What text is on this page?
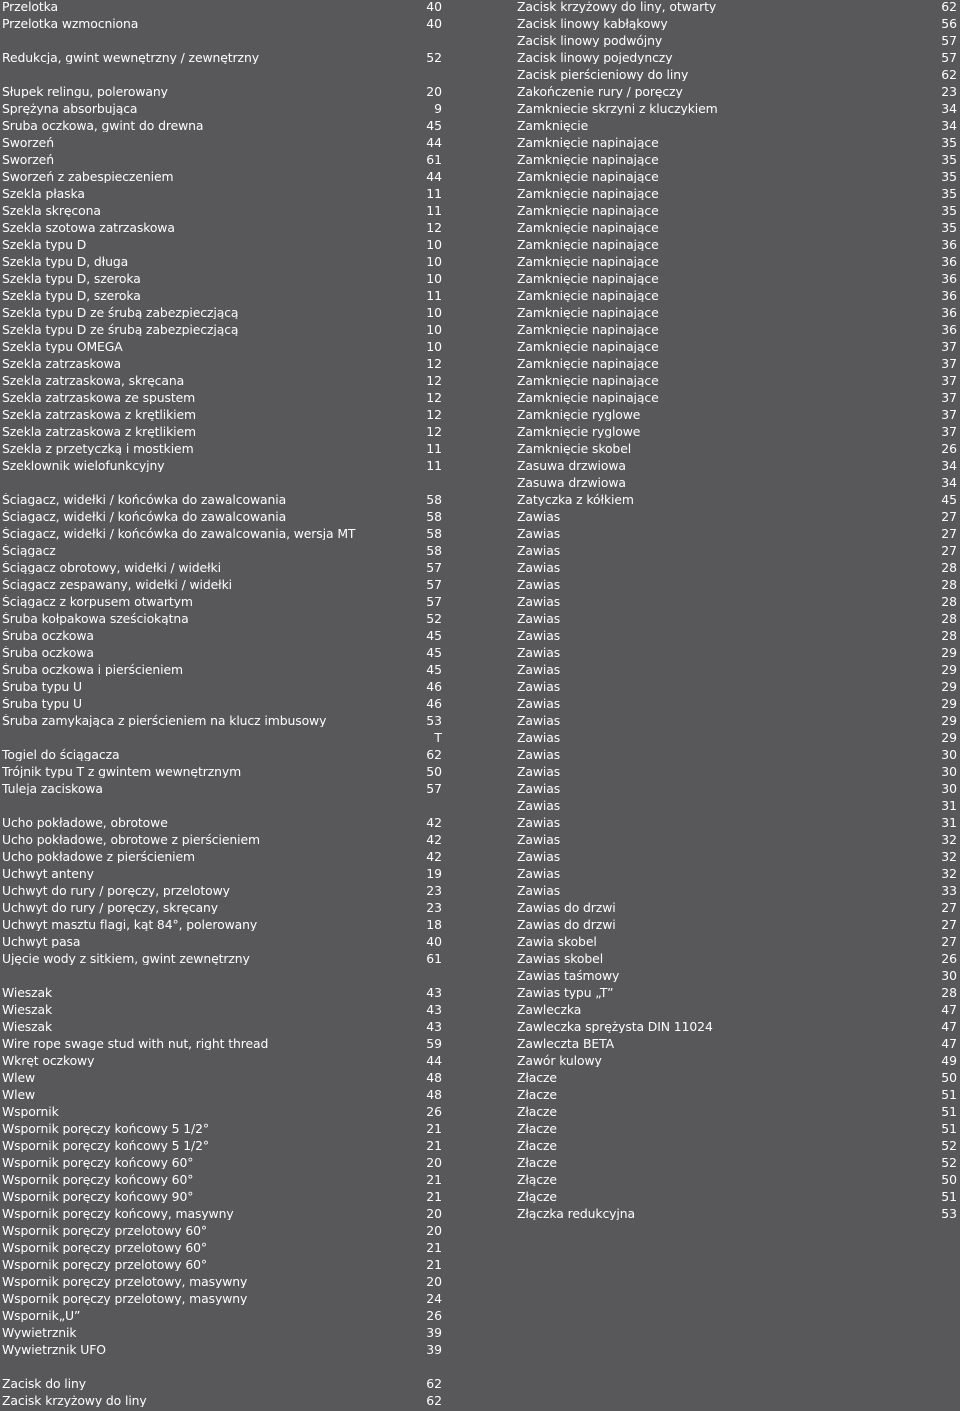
Przelotka	40
Przelotka wzmocniona	40
Redukcja, gwint wewnętrzny / zewnętrzny	52
Słupek relingu, polerowany	20
Sprężyna absorbująca	9
Sruba oczkowa, gwint do drewna	45
Sworzeń	44
Sworzeń	61
Sworzeń z zabespieczeniem	44
Szekla płaska	11
Szekla skręcona	11
Szekla szotowa zatrzaskowa	12
Szekla typu D	10
Szekla typu D, długa	10
Szekla typu D, szeroka	10
Szekla typu D, szeroka	11
Szekla typu D ze śrubą zabezpieczjącą	10
Szekla typu D ze śrubą zabezpieczjącą	10
Szekla typu OMEGA	10
Szekla zatrzaskowa	12
Szekla zatrzaskowa, skręcana	12
Szekla zatrzaskowa ze spustem	12
Szekla zatrzaskowa z krętlikiem	12
Szekla zatrzaskowa z krętlikiem	12
Szekla z przetyczką i mostkiem	11
Szeklownik wielofunkcyjny	11
Ściagacz, widełki / końcówka do zawalcowania	58
Ściagacz, widełki / końcówka do zawalcowania	58
Ściagacz, widełki / końcówka do zawalcowania, wersja MT	58
Ściągacz	58
Ściągacz obrotowy, widełki / widełki	57
Ściągacz zespawany, widełki / widełki	57
Ściągacz z korpusem otwartym	57
Śruba kołpakowa sześciokątna	52
Śruba oczkowa	45
Śruba oczkowa	45
Śruba oczkowa i pierścieniem	45
Śruba typu U	46
Śruba typu U	46
Śruba zamykająca z pierścieniem na klucz imbusowy	53
T
Togiel do ściągacza	62
Trójnik typu T z gwintem wewnętrznym	50
Tuleja zaciskowa	57
Ucho pokładowe, obrotowe	42
Ucho pokładowe, obrotowe z pierścieniem	42
Ucho pokładowe z pierścieniem	42
Uchwyt anteny	19
Uchwyt do rury / poręczy, przelotowy	23
Uchwyt do rury / poręczy, skręcany	23
Uchwyt masztu flagi, kąt 84°, polerowany	18
Uchwyt pasa	40
Ujęcie wody z sitkiem, gwint zewnętrzny	61
Wieszak	43
Wieszak	43
Wieszak	43
Wire rope swage stud with nut, right thread	59
Wkręt oczkowy	44
Wlew	48
Wlew	48
Wspornik	26
Wspornik poręczy końcowy 5 1/2°	21
Wspornik poręczy końcowy 5 1/2°	21
Wspornik poręczy końcowy 60°	20
Wspornik poręczy końcowy 60°	21
Wspornik poręczy końcowy 90°	21
Wspornik poręczy końcowy, masywny	20
Wspornik poręczy przelotowy 60°	20
Wspornik poręczy przelotowy 60°	21
Wspornik poręczy przelotowy 60°	21
Wspornik poręczy przelotowy, masywny	20
Wspornik poręczy przelotowy, masywny	24
Wspornik„U”	26
Wywietrznik	39
Wywietrznik UFO	39
Zacisk do liny	62
Zacisk krzyżowy do liny	62
Zacisk krzyżowy do liny, otwarty	62
Zacisk linowy kabłąkowy	56
Zacisk linowy podwójny	57
Zacisk linowy pojedynczy	57
Zacisk pierścieniowy do liny	62
Zakończenie rury / poręczy	23
Zamkniecie skrzyni z kluczykiem	34
Zamknięcie	34
Zamknięcie napinające	35
Zamknięcie napinające	35
Zamknięcie napinające	35
Zamknięcie napinające	35
Zamknięcie napinające	35
Zamknięcie napinające	35
Zamknięcie napinające	36
Zamknięcie napinające	36
Zamknięcie napinające	36
Zamknięcie napinające	36
Zamknięcie napinające	36
Zamknięcie napinające	36
Zamknięcie napinające	37
Zamknięcie napinające	37
Zamknięcie napinające	37
Zamknięcie napinające	37
Zamknięcie ryglowe	37
Zamknięcie ryglowe	37
Zamknięcie skobel	26
Zasuwa drzwiowa	34
Zasuwa drzwiowa	34
Zatyczka z kółkiem	45
Zawias	27
Zawias	27
Zawias	27
Zawias	28
Zawias	28
Zawias	28
Zawias	28
Zawias	28
Zawias	29
Zawias	29
Zawias	29
Zawias	29
Zawias	29
Zawias	29
Zawias	30
Zawias	30
Zawias	30
Zawias	31
Zawias	31
Zawias	32
Zawias	32
Zawias	32
Zawias	33
Zawias do drzwi	27
Zawias do drzwi	27
Zawia skobel	27
Zawias skobel	26
Zawias taśmowy	30
Zawias typu „T”	28
Zawleczka	47
Zawleczka sprężysta DIN 11024	47
Zawleczta BETA	47
Zawór kulowy	49
Złacze	50
Złacze	51
Złacze	51
Złacze	51
Złacze	52
Złacze	52
Złącze	50
Złącze	51
Złączka redukcyjna	53
